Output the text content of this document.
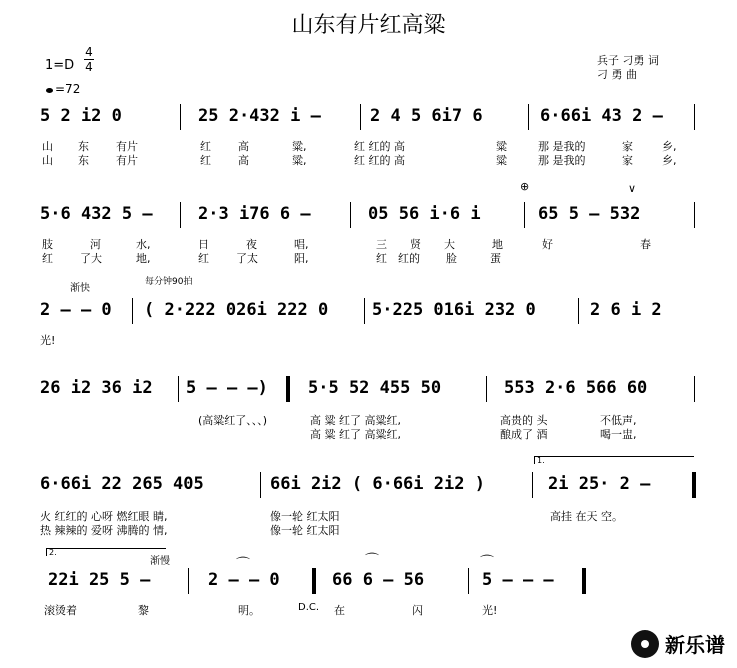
山东有片红高粱
1=D
4
4
=72
兵子 刁勇 词
刁 勇 曲
5 2 i2 0	25 2·432 i –	2 4 5 6i7 6	6·66i 43 2 –
山 东 有片	红 高	粱,	红 红的 高	粱	那 是我的	家	乡,
山 东 有片	红 高	粱,	红 红的 高	粱	那 是我的	家	乡,
⊕	∨
5·6 432 5 –	2·3 i76 6 –	05 56 i·6 i	65 5 – 532
肢	河	水,	日	夜	唱,	三 贤 大	地	好	春
红 了大	地,	红 了太	阳,	红 红的 脸	蛋
渐快
每分钟90拍
2 – – 0 ( 2·222 026i 222 0	5·225 016i 232 0	2 6 i 2
光!
26 i2 36 i2 5 – – –) 5·5 52 455 50	553 2·6 566 60
(高粱红了、、、)	高 粱 红了 高粱红,	高贵的 头	不低声,
高 粱 红了 高粱红,	酿成了 酒	喝一盅,
1.
6·66i 22 265 405	66i 2i2 ( 6·66i 2i2 )	2i 25· 2 –
火 红红的 心呀 燃红眼 睛,	像一轮 红太阳	高挂 在天 空。
热 辣辣的 爱呀 沸腾的 情,	像一轮 红太阳
2.
渐慢	⌒	⌒	⌒
22i 25 5 –	2 – – 0	66 6 – 56	5 – – –
滚烫着	黎	明。	在	闪	光!
D.C.
新乐谱
